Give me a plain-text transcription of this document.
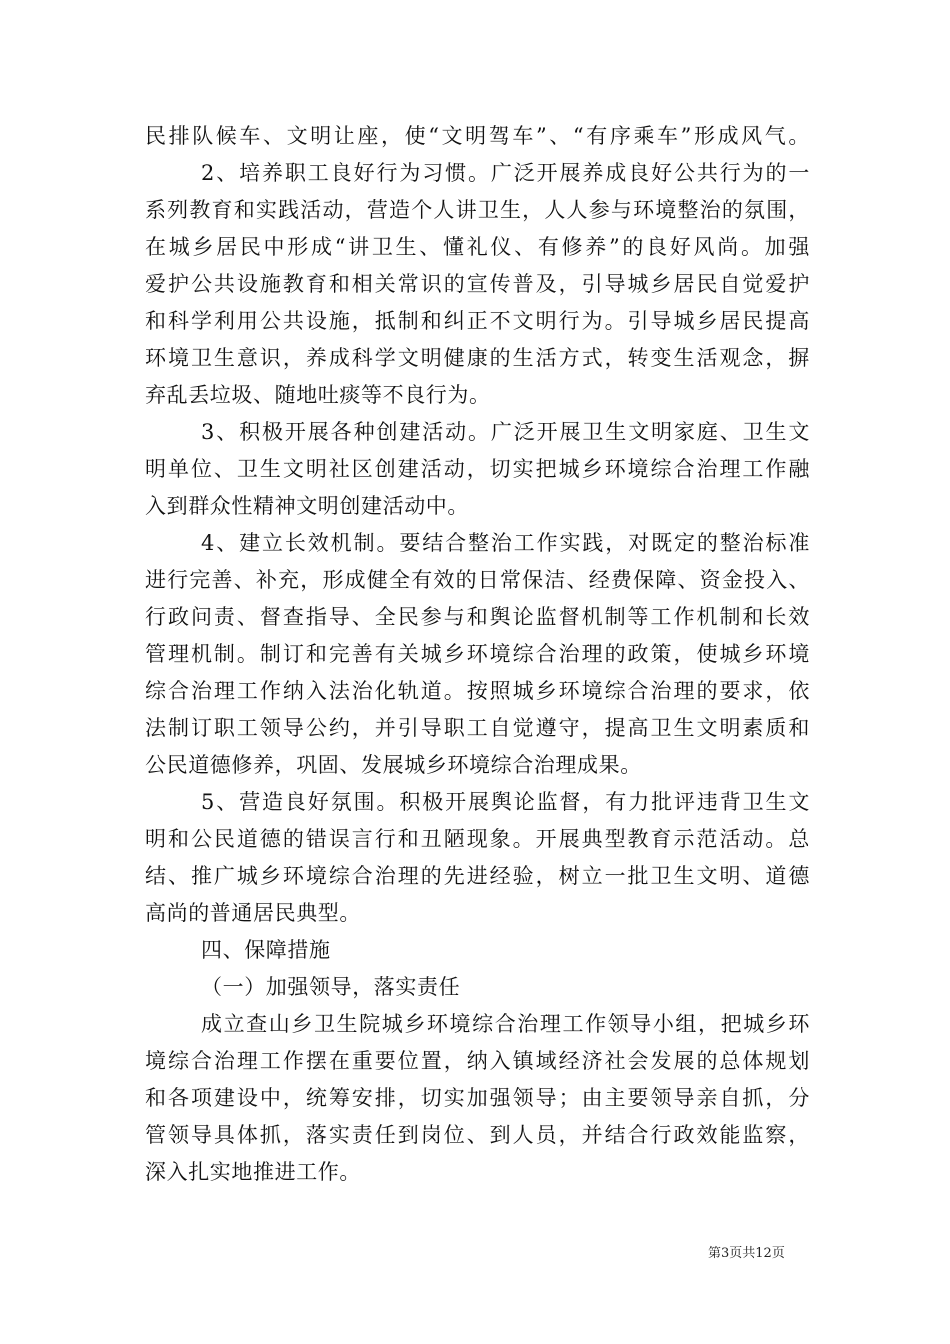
民排队候车、文明让座，使“文明驾车”、“有序乘车”形成风气。
2、培养职工良好行为习惯。广泛开展养成良好公共行为的一
系列教育和实践活动，营造个人讲卫生，人人参与环境整治的氛围，
在城乡居民中形成“讲卫生、懂礼仪、有修养”的良好风尚。加强
爱护公共设施教育和相关常识的宣传普及，引导城乡居民自觉爱护
和科学利用公共设施，抵制和纠正不文明行为。引导城乡居民提高
环境卫生意识，养成科学文明健康的生活方式，转变生活观念，摒
弃乱丢垃圾、随地吐痰等不良行为。
3、积极开展各种创建活动。广泛开展卫生文明家庭、卫生文
明单位、卫生文明社区创建活动，切实把城乡环境综合治理工作融
入到群众性精神文明创建活动中。
4、建立长效机制。要结合整治工作实践，对既定的整治标准
进行完善、补充，形成健全有效的日常保洁、经费保障、资金投入、
行政问责、督查指导、全民参与和舆论监督机制等工作机制和长效
管理机制。制订和完善有关城乡环境综合治理的政策，使城乡环境
综合治理工作纳入法治化轨道。按照城乡环境综合治理的要求，依
法制订职工领导公约，并引导职工自觉遵守，提高卫生文明素质和
公民道德修养，巩固、发展城乡环境综合治理成果。
5、营造良好氛围。积极开展舆论监督，有力批评违背卫生文
明和公民道德的错误言行和丑陋现象。开展典型教育示范活动。总
结、推广城乡环境综合治理的先进经验，树立一批卫生文明、道德
高尚的普通居民典型。
四、保障措施
（一）加强领导，落实责任
成立查山乡卫生院城乡环境综合治理工作领导小组，把城乡环
境综合治理工作摆在重要位置，纳入镇域经济社会发展的总体规划
和各项建设中，统筹安排，切实加强领导；由主要领导亲自抓，分
管领导具体抓，落实责任到岗位、到人员，并结合行政效能监察，
深入扎实地推进工作。
第3页共12页
